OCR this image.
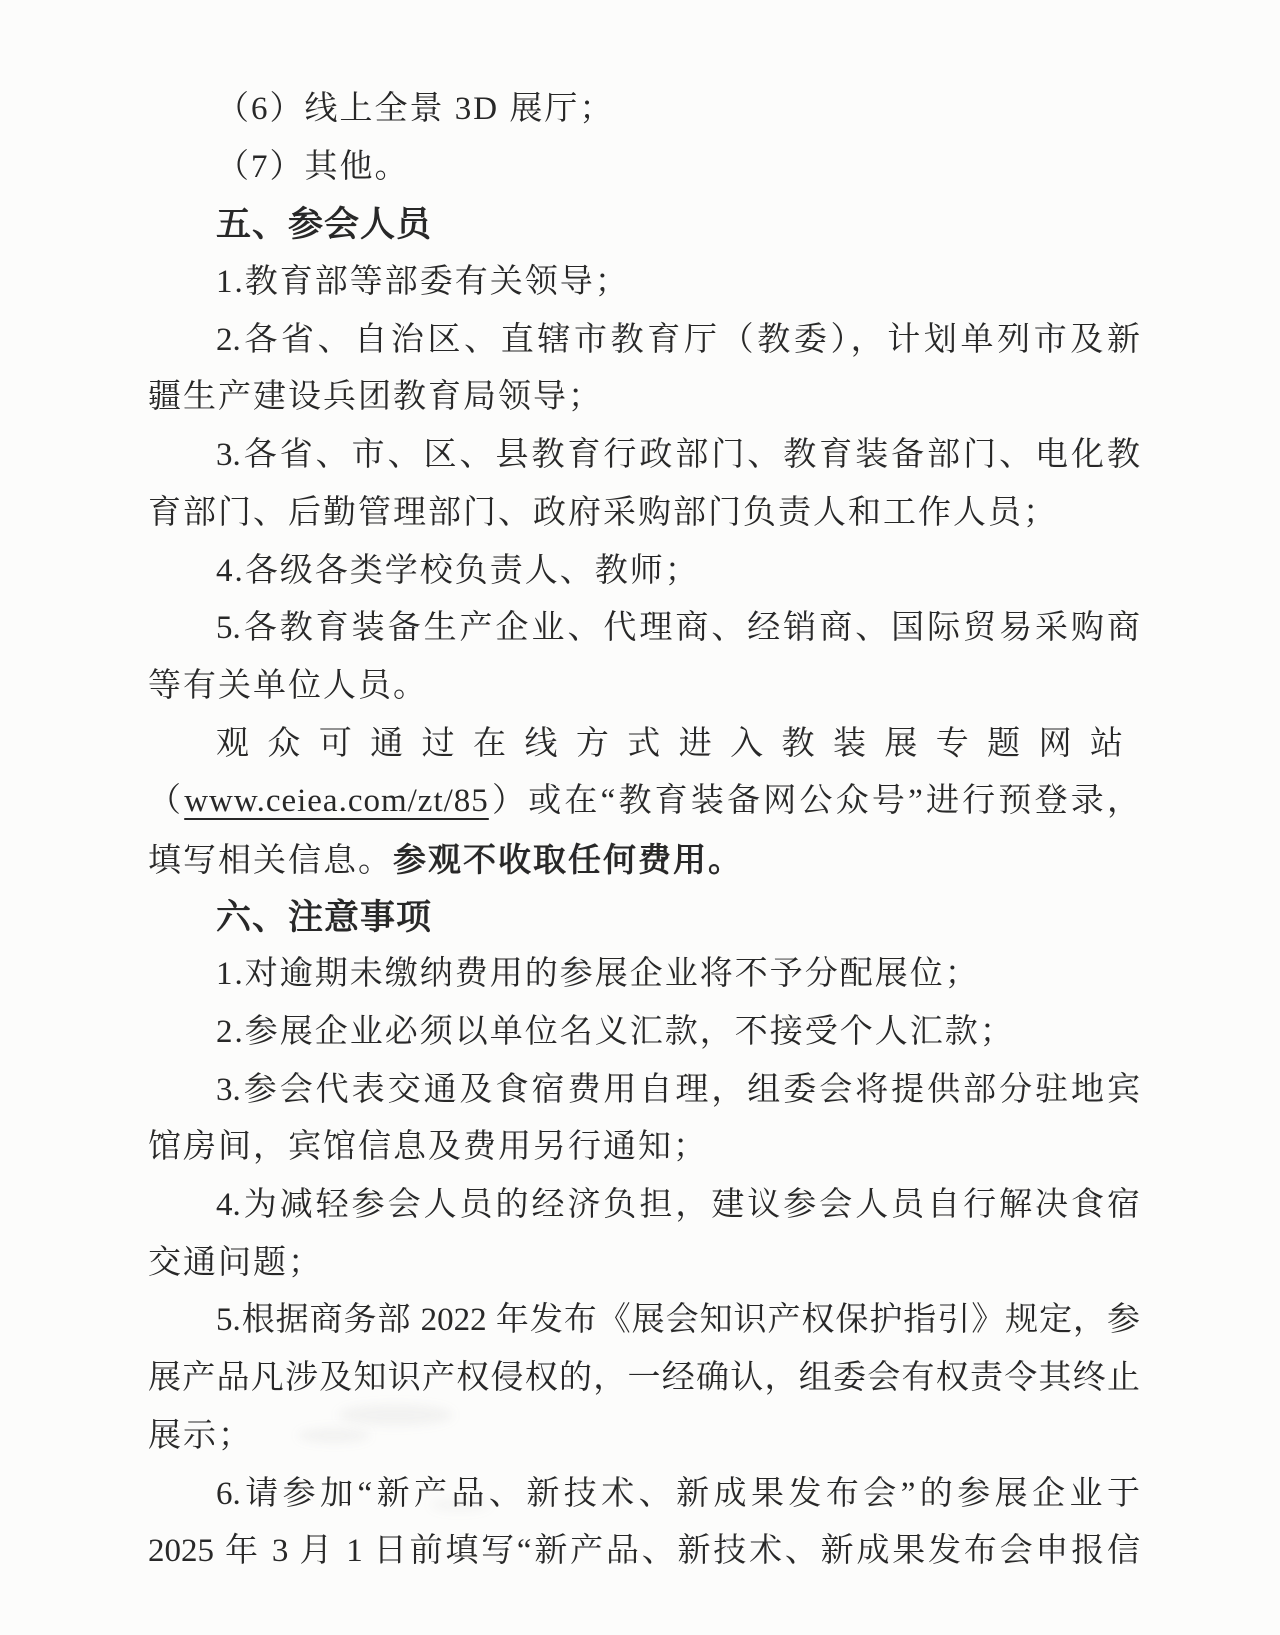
（6）线上全景 3D 展厅；
（7）其他。
五、参会人员
1.教育部等部委有关领导；
2.各省、自治区、直辖市教育厅（教委），计划单列市及新
疆生产建设兵团教育局领导；
3.各省、市、区、县教育行政部门、教育装备部门、电化教
育部门、后勤管理部门、政府采购部门负责人和工作人员；
4.各级各类学校负责人、教师；
5.各教育装备生产企业、代理商、经销商、国际贸易采购商
等有关单位人员。
观众可通过在线方式进入教装展专题网站
（www.ceiea.com/zt/85）或在“教育装备网公众号”进行预登录，
填写相关信息。参观不收取任何费用。
六、注意事项
1.对逾期未缴纳费用的参展企业将不予分配展位；
2.参展企业必须以单位名义汇款，不接受个人汇款；
3.参会代表交通及食宿费用自理，组委会将提供部分驻地宾
馆房间，宾馆信息及费用另行通知；
4.为减轻参会人员的经济负担，建议参会人员自行解决食宿
交通问题；
5.根据商务部 2022 年发布《展会知识产权保护指引》规定，参
展产品凡涉及知识产权侵权的，一经确认，组委会有权责令其终止
展示；
6.请参加“新产品、新技术、新成果发布会”的参展企业于
2025 年 3 月 1 日前填写“新产品、新技术、新成果发布会申报信
